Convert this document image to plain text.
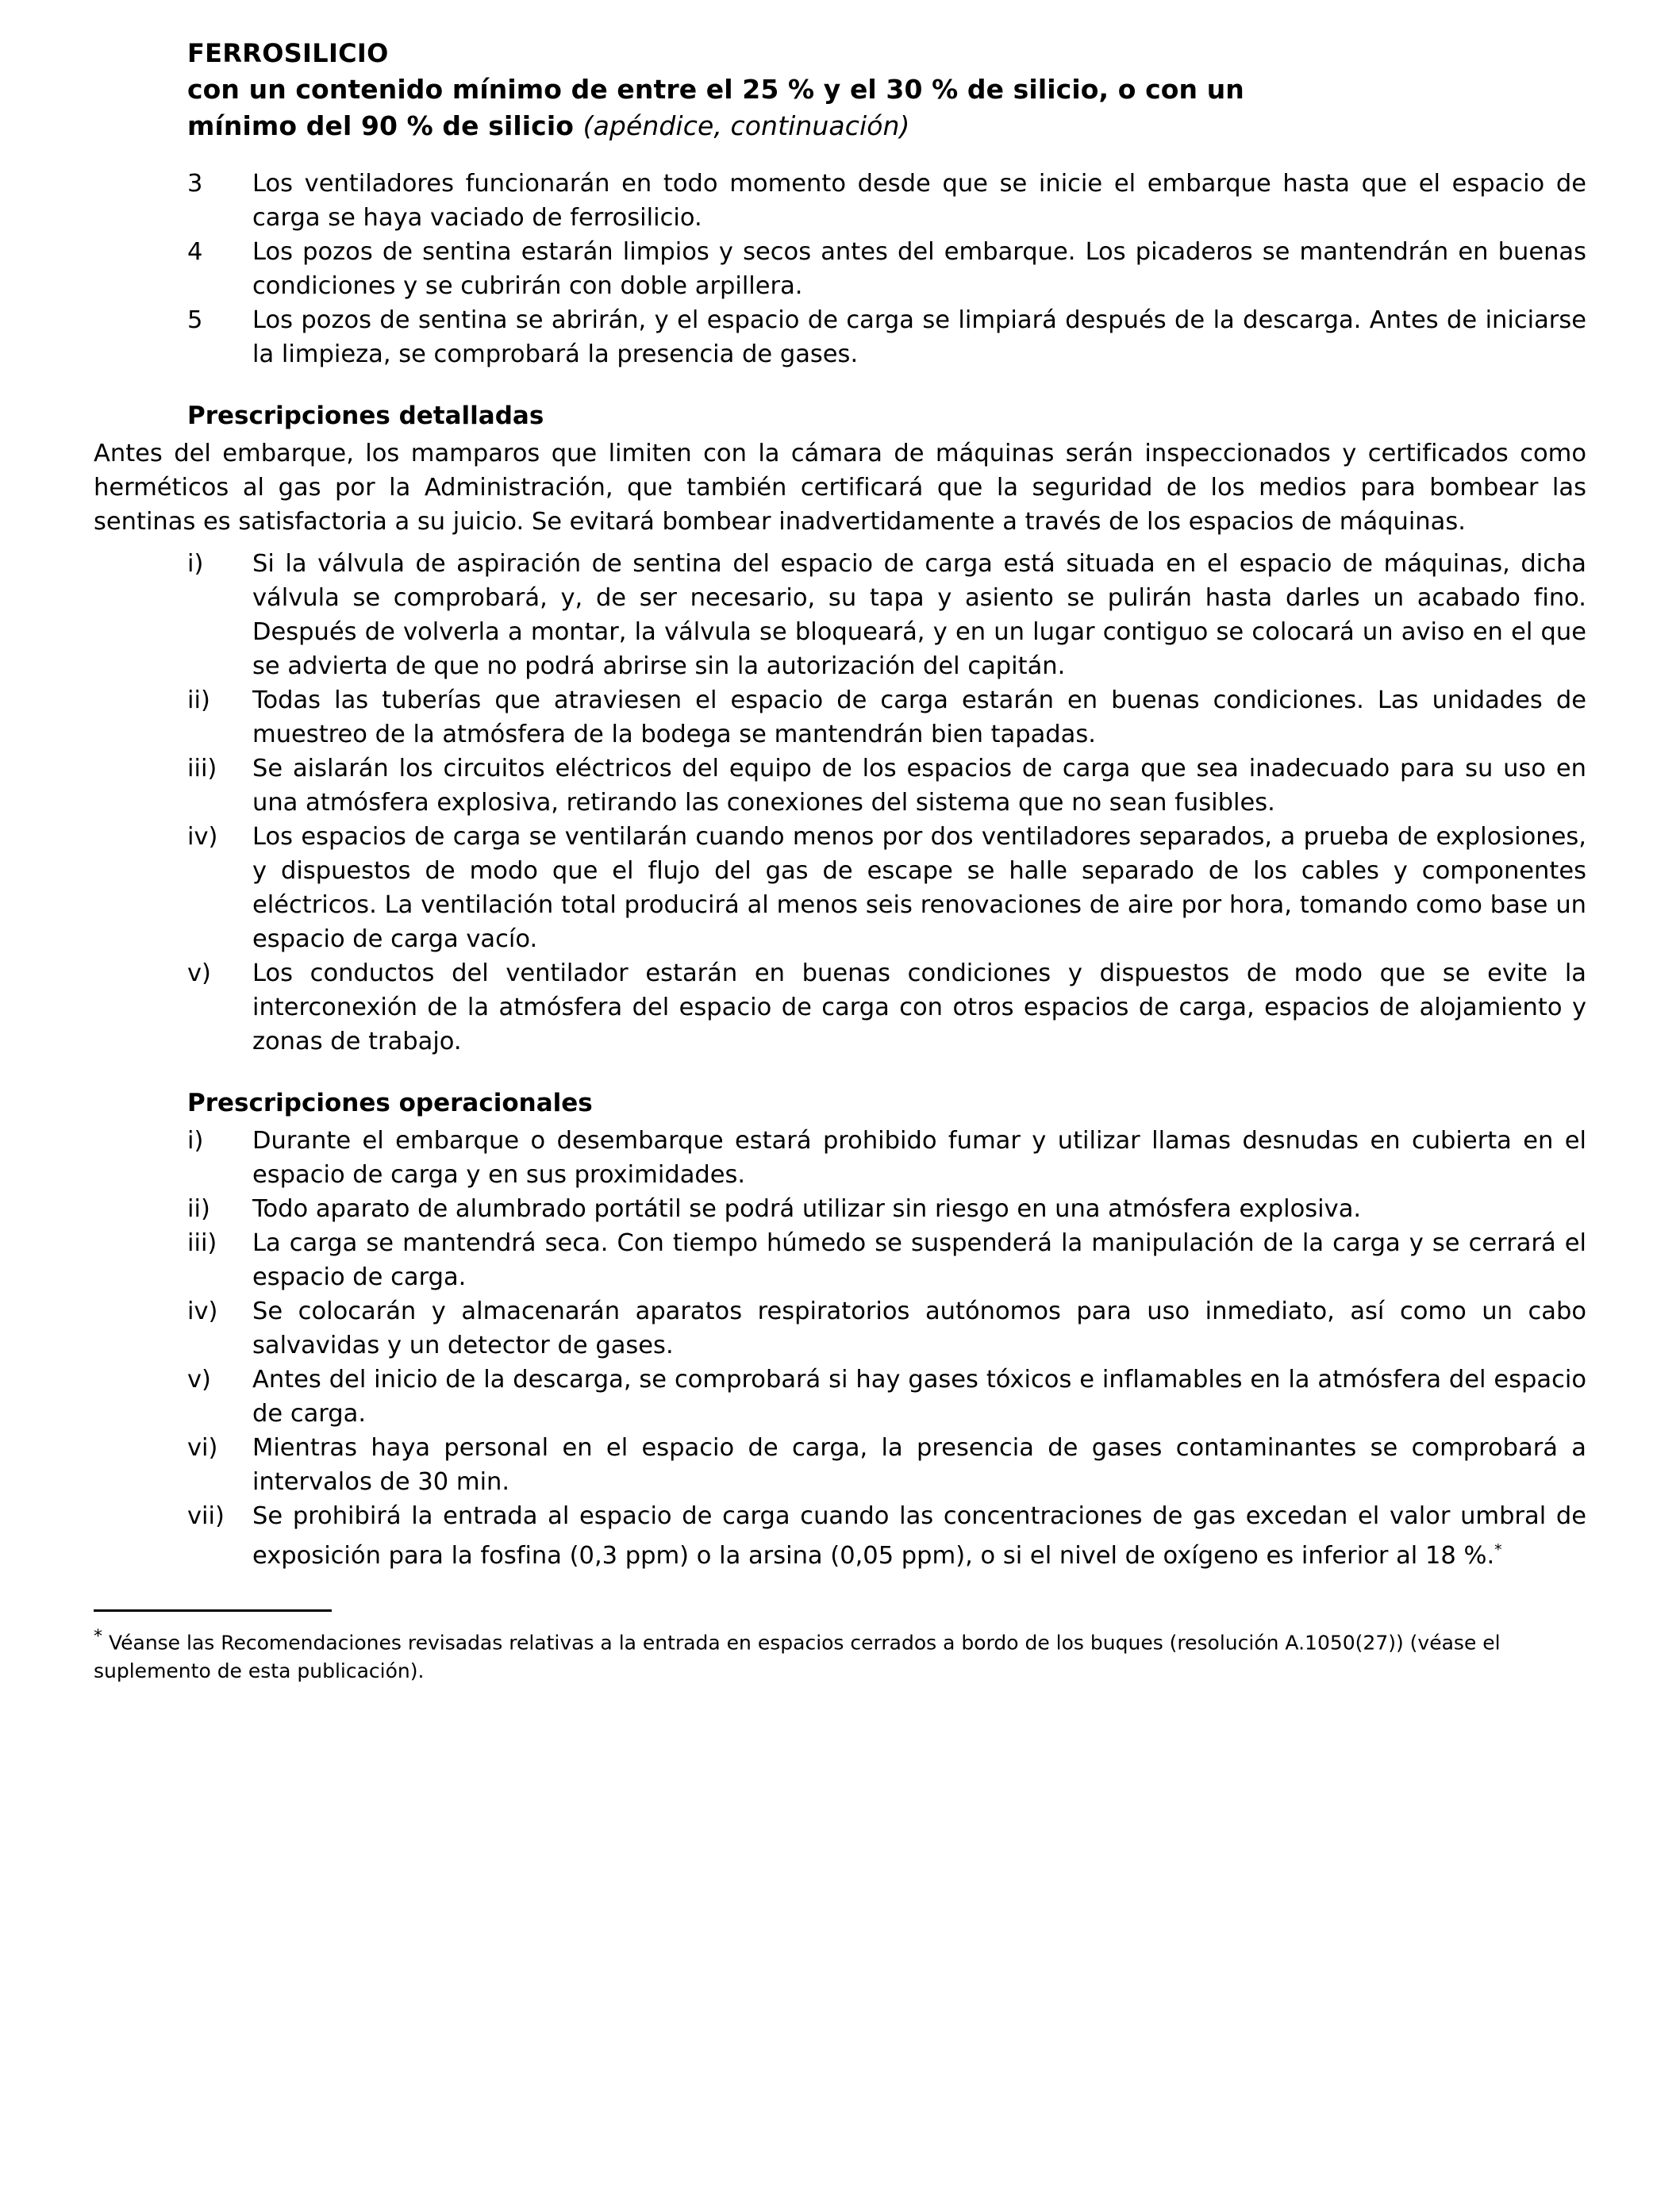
FERROSILICIO
con un contenido mínimo de entre el 25 % y el 30 % de silicio, o con un
mínimo del 90 % de silicio (apéndice, continuación)
3	Los ventiladores funcionarán en todo momento desde que se inicie el embarque hasta que el espacio de carga se haya vaciado de ferrosilicio.
4	Los pozos de sentina estarán limpios y secos antes del embarque. Los picaderos se mantendrán en buenas condiciones y se cubrirán con doble arpillera.
5	Los pozos de sentina se abrirán, y el espacio de carga se limpiará después de la descarga. Antes de iniciarse la limpieza, se comprobará la presencia de gases.
Prescripciones detalladas

Antes del embarque, los mamparos que limiten con la cámara de máquinas serán inspeccionados y certificados como herméticos al gas por la Administración, que también certificará que la seguridad de los medios para bombear las sentinas es satisfactoria a su juicio. Se evitará bombear inadvertidamente a través de los espacios de máquinas.

i)	Si la válvula de aspiración de sentina del espacio de carga está situada en el espacio de máquinas, dicha válvula se comprobará, y, de ser necesario, su tapa y asiento se pulirán hasta darles un acabado fino. Después de volverla a montar, la válvula se bloqueará, y en un lugar contiguo se colocará un aviso en el que se advierta de que no podrá abrirse sin la autorización del capitán.
ii)	Todas las tuberías que atraviesen el espacio de carga estarán en buenas condiciones. Las unidades de muestreo de la atmósfera de la bodega se mantendrán bien tapadas.
iii)	Se aislarán los circuitos eléctricos del equipo de los espacios de carga que sea inadecuado para su uso en una atmósfera explosiva, retirando las conexiones del sistema que no sean fusibles.
iv)	Los espacios de carga se ventilarán cuando menos por dos ventiladores separados, a prueba de explosiones, y dispuestos de modo que el flujo del gas de escape se halle separado de los cables y componentes eléctricos. La ventilación total producirá al menos seis renovaciones de aire por hora, tomando como base un espacio de carga vacío.
v)	Los conductos del ventilador estarán en buenas condiciones y dispuestos de modo que se evite la interconexión de la atmósfera del espacio de carga con otros espacios de carga, espacios de alojamiento y zonas de trabajo.
Prescripciones operacionales
i)	Durante el embarque o desembarque estará prohibido fumar y utilizar llamas desnudas en cubierta en el espacio de carga y en sus proximidades.
ii)	Todo aparato de alumbrado portátil se podrá utilizar sin riesgo en una atmósfera explosiva.
iii)	La carga se mantendrá seca. Con tiempo húmedo se suspenderá la manipulación de la carga y se cerrará el espacio de carga.
iv)	Se colocarán y almacenarán aparatos respiratorios autónomos para uso inmediato, así como un cabo salvavidas y un detector de gases.
v)	Antes del inicio de la descarga, se comprobará si hay gases tóxicos e inflamables en la atmósfera del espacio de carga.
vi)	Mientras haya personal en el espacio de carga, la presencia de gases contaminantes se comprobará a intervalos de 30 min.
vii)	Se prohibirá la entrada al espacio de carga cuando las concentraciones de gas excedan el valor umbral de exposición para la fosfina (0,3 ppm) o la arsina (0,05 ppm), o si el nivel de oxígeno es inferior al 18 %.*
* Véanse las Recomendaciones revisadas relativas a la entrada en espacios cerrados a bordo de los buques (resolución A.1050(27)) (véase el suplemento de esta publicación).
